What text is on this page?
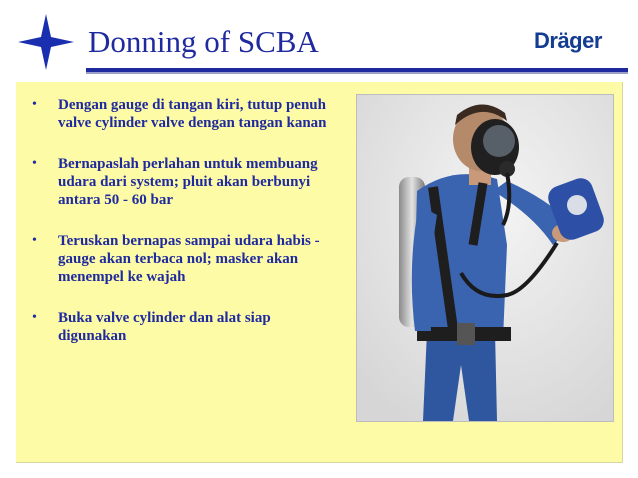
Donning of SCBA	Dräger
• Dengan gauge di tangan kiri, tutup penuh valve cylinder valve dengan tangan kanan
• Bernapaslah perlahan untuk membuang udara dari system; pluit akan berbunyi antara 50 - 60 bar
• Teruskan bernapas sampai udara habis - gauge akan terbaca nol; masker akan menempel ke wajah
• Buka valve cylinder dan alat siap digunakan
